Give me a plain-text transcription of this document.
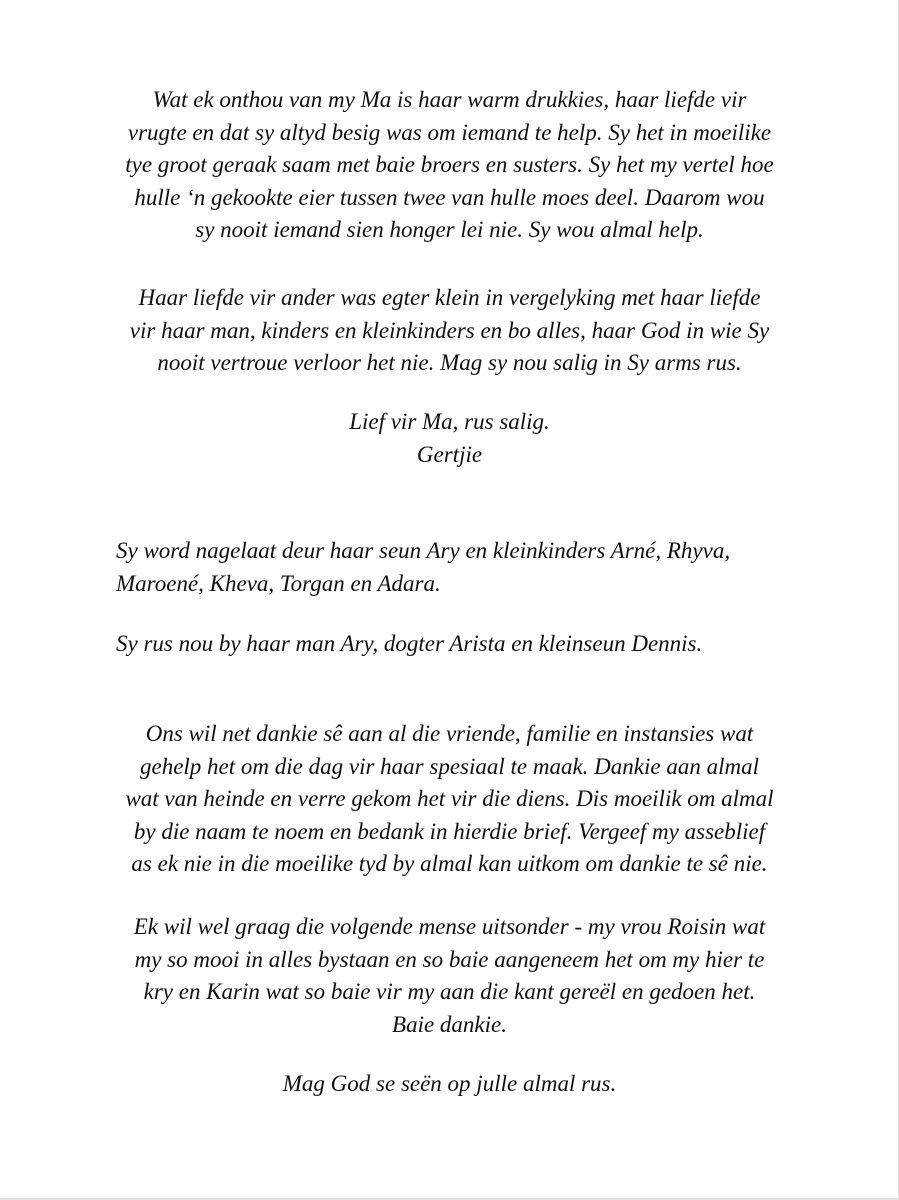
Wat ek onthou van my Ma is haar warm drukkies, haar liefde vir
vrugte en dat sy altyd besig was om iemand te help. Sy het in moeilike
tye groot geraak saam met baie broers en susters. Sy het my vertel hoe
hulle ‘n gekookte eier tussen twee van hulle moes deel. Daarom wou
sy nooit iemand sien honger lei nie. Sy wou almal help.
Haar liefde vir ander was egter klein in vergelyking met haar liefde
vir haar man, kinders en kleinkinders en bo alles, haar God in wie Sy
nooit vertroue verloor het nie. Mag sy nou salig in Sy arms rus.
Lief vir Ma, rus salig.
Gertjie
Sy word nagelaat deur haar seun Ary en kleinkinders Arné, Rhyva,
Maroené, Kheva, Torgan en Adara.
Sy rus nou by haar man Ary, dogter Arista en kleinseun Dennis.
Ons wil net dankie sê aan al die vriende, familie en instansies wat
gehelp het om die dag vir haar spesiaal te maak. Dankie aan almal
wat van heinde en verre gekom het vir die diens. Dis moeilik om almal
by die naam te noem en bedank in hierdie brief. Vergeef my asseblief
as ek nie in die moeilike tyd by almal kan uitkom om dankie te sê nie.
Ek wil wel graag die volgende mense uitsonder - my vrou Roisin wat
my so mooi in alles bystaan en so baie aangeneem het om my hier te
kry en Karin wat so baie vir my aan die kant gereël en gedoen het.
Baie dankie.
Mag God se seën op julle almal rus.
